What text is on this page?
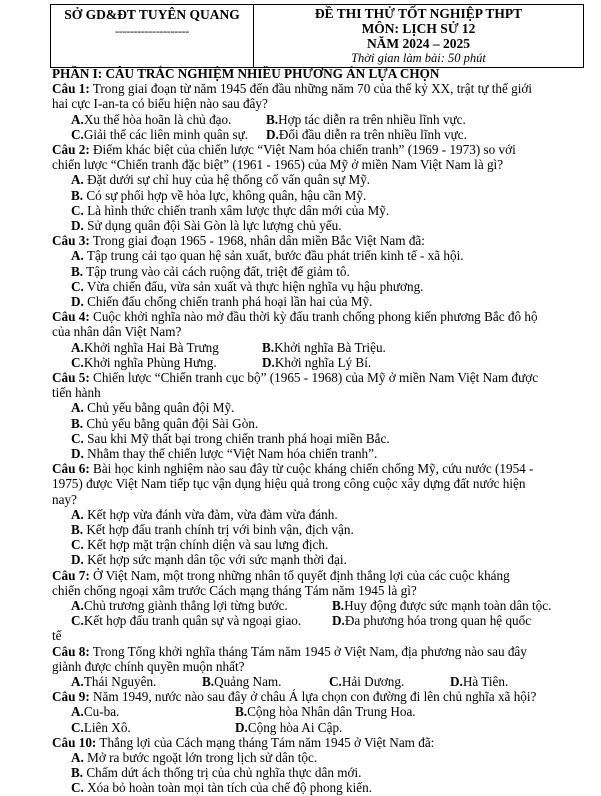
SỞ GD&ĐT TUYÊN QUANG
--------------------
ĐỀ THI THỬ TỐT NGHIỆP THPT
MÔN: LỊCH SỬ 12
NĂM 2024 – 2025
Thời gian làm bài: 50 phút
PHẦN I: CÂU TRẮC NGHIỆM NHIỀU PHƯƠNG ÁN LỰA CHỌN
Câu 1: Trong giai đoạn từ năm 1945 đến đầu những năm 70 của thế kỷ XX, trật tự thế giới
hai cực I-an-ta có biểu hiện nào sau đây?
A. Xu thế hòa hoãn là chủ đạo.	B. Hợp tác diễn ra trên nhiều lĩnh vực.
C. Giải thể các liên minh quân sự. D. Đối đầu diễn ra trên nhiều lĩnh vực.
Câu 2: Điểm khác biệt của chiến lược “Việt Nam hóa chiến tranh” (1969 - 1973) so với
chiến lược “Chiến tranh đặc biệt” (1961 - 1965) của Mỹ ở miền Nam Việt Nam là gì?
A. Đặt dưới sự chỉ huy của hệ thống cố vấn quân sự Mỹ.
B. Có sự phối hợp về hỏa lực, không quân, hậu cần Mỹ.
C. Là hình thức chiến tranh xâm lược thực dân mới của Mỹ.
D. Sử dụng quân đội Sài Gòn là lực lượng chủ yếu.
Câu 3: Trong giai đoạn 1965 - 1968, nhân dân miền Bắc Việt Nam đã:
A. Tập trung cải tạo quan hệ sản xuất, bước đầu phát triển kinh tế - xã hội.
B. Tập trung vào cải cách ruộng đất, triệt để giảm tô.
C. Vừa chiến đấu, vừa sản xuất và thực hiện nghĩa vụ hậu phương.
D. Chiến đấu chống chiến tranh phá hoại lần hai của Mỹ.
Câu 4: Cuộc khởi nghĩa nào mở đầu thời kỳ đấu tranh chống phong kiến phương Bắc đô hộ
của nhân dân Việt Nam?
A. Khởi nghĩa Hai Bà Trưng	B. Khởi nghĩa Bà Triệu.
C. Khởi nghĩa Phùng Hưng.	D. Khởi nghĩa Lý Bí.
Câu 5: Chiến lược “Chiến tranh cục bộ” (1965 - 1968) của Mỹ ở miền Nam Việt Nam được
tiến hành
A. Chủ yếu bằng quân đội Mỹ.
B. Chủ yếu bằng quân đội Sài Gòn.
C. Sau khi Mỹ thất bại trong chiến tranh phá hoại miền Bắc.
D. Nhằm thay thế chiến lược “Việt Nam hóa chiến tranh”.
Câu 6: Bài học kinh nghiệm nào sau đây từ cuộc kháng chiến chống Mỹ, cứu nước (1954 -
1975) được Việt Nam tiếp tục vận dụng hiệu quả trong công cuộc xây dựng đất nước hiện
nay?
A. Kết hợp vừa đánh vừa đàm, vừa đàm vừa đánh.
B. Kết hợp đấu tranh chính trị với binh vận, địch vận.
C. Kết hợp mặt trận chính diện và sau lưng địch.
D. Kết hợp sức mạnh dân tộc với sức mạnh thời đại.
Câu 7: Ở Việt Nam, một trong những nhân tố quyết định thắng lợi của các cuộc kháng
chiến chống ngoại xâm trước Cách mạng tháng Tám năm 1945 là gì?
A. Chủ trương giành thắng lợi từng bước.	B. Huy động được sức mạnh toàn dân tộc.
C. Kết hợp đấu tranh quân sự và ngoại giao. D. Đa phương hóa trong quan hệ quốc
tế
Câu 8: Trong Tổng khởi nghĩa tháng Tám năm 1945 ở Việt Nam, địa phương nào sau đây
giành được chính quyền muộn nhất?
A. Thái Nguyên.	B. Quảng Nam.	C. Hải Dương.	D. Hà Tiên.
Câu 9: Năm 1949, nước nào sau đây ở châu Á lựa chọn con đường đi lên chủ nghĩa xã hội?
A. Cu-ba.	B. Cộng hòa Nhân dân Trung Hoa.
C. Liên Xô.	D. Cộng hòa Ai Cập.
Câu 10: Thắng lợi của Cách mạng tháng Tám năm 1945 ở Việt Nam đã:
A. Mở ra bước ngoặt lớn trong lịch sử dân tộc.
B. Chấm dứt ách thống trị của chủ nghĩa thực dân mới.
C. Xóa bỏ hoàn toàn mọi tàn tích của chế độ phong kiến.
